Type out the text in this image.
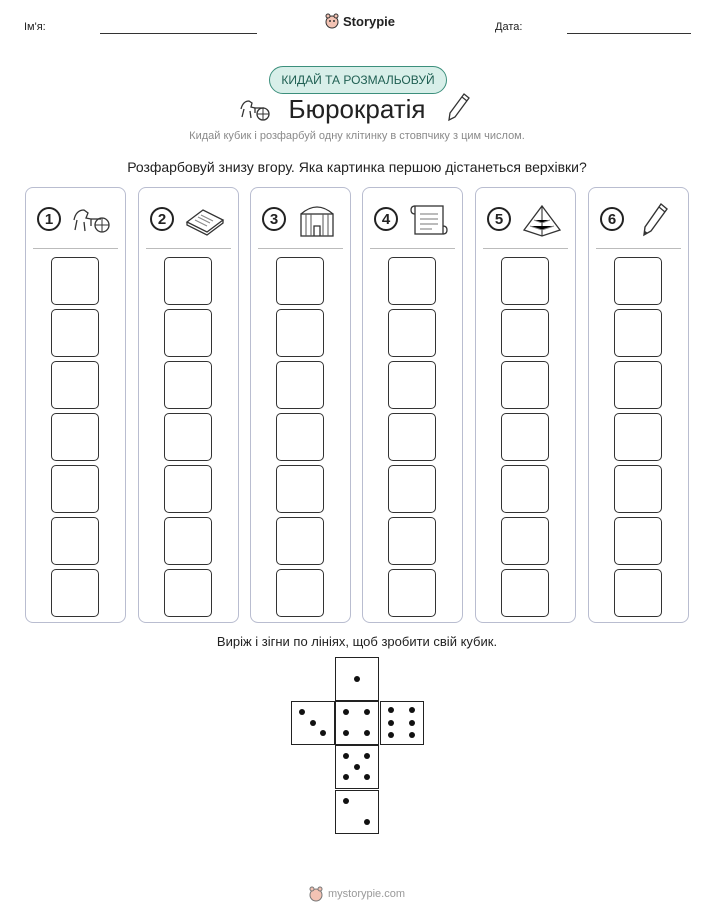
Ім'я:	Storypie	Дата:
КИДАЙ ТА РОЗМАЛЬОВУЙ
Бюрократія
Кидай кубик і розфарбуй одну клітинку в стовпчику з цим числом.
Розфарбовуй знизу вгору. Яка картинка першою дістанеться верхівки?
1	2	3	4	5	6
Виріж і зігни по лініях, щоб зробити свій кубик.
mystorypie.com
